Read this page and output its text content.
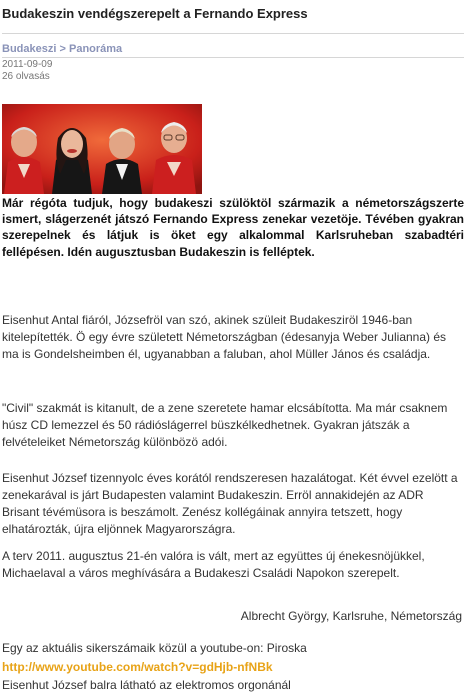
Budakeszin vendégszerepelt a Fernando Express
Budakeszi > Panoráma
2011-09-09
26 olvasás
Már régóta tudjuk, hogy budakeszi szülöktöl származik a németországszerte ismert, slágerzenét játszó Fernando Express zenekar vezetöje. Tévében gyakran szerepelnek és látjuk is öket egy alkalommal Karlsruheban szabadtéri fellépésen. Idén augusztusban Budakeszin is felléptek.
Eisenhut Antal fiáról, Józsefröl van szó, akinek szüleit Budakesziröl 1946-ban kitelepítették. Ö egy évre született Németországban (édesanyja Weber Julianna) és ma is Gondelsheimben él, ugyanabban a faluban, ahol Müller János és családja.
"Civil" szakmát is kitanult, de a zene szeretete hamar elcsábította. Ma már csaknem húsz CD lemezzel és 50 rádióslágerrel büszkélkedhetnek. Gyakran játszák a felvételeiket Németország különbözö adói.
Eisenhut József tizennyolc éves korától rendszeresen hazalátogat. Két évvel ezelött a zenekarával is járt Budapesten valamint Budakeszin. Erröl annakidején az ADR Brisant tévémüsora is beszámolt. Zenész kollégáinak annyira tetszett, hogy elhatározták, újra eljönnek Magyarországra.
A terv 2011. augusztus 21-én valóra is vált, mert az együttes új énekesnöjükkel, Michaelaval a város meghívására a Budakeszi Családi Napokon szerepelt.
Albrecht György, Karlsruhe, Németország
Egy az aktuális sikerszámaik közül a youtube-on: Piroska
http://www.youtube.com/watch?v=gdHjb-nfNBk
Eisenhut József balra látható az elektromos orgonánál
